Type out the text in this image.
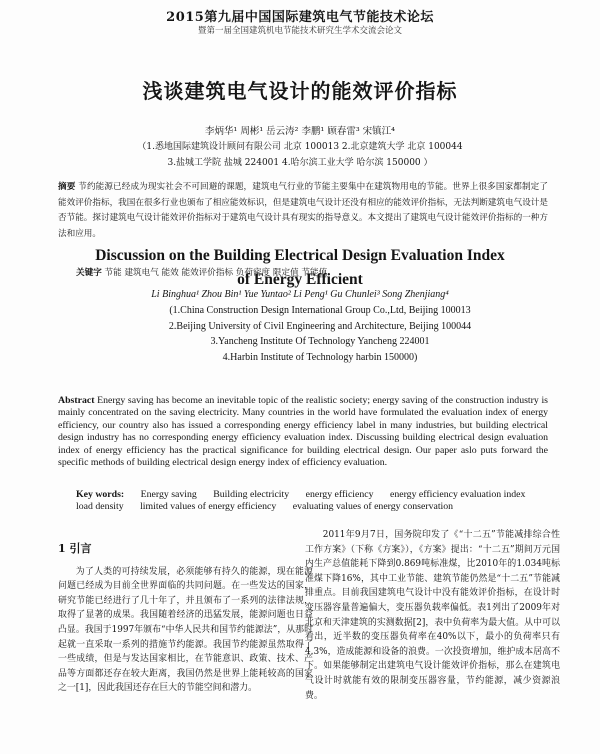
2015第九届中国国际建筑电气节能技术论坛
暨第一届全国建筑机电节能技术研究生学术交流会论文
浅谈建筑电气设计的能效评价指标
李炳华¹ 周彬¹ 岳云涛² 李鹏¹ 顾春雷³ 宋镇江⁴
（1.悉地国际建筑设计顾问有限公司 北京 100013 2.北京建筑大学 北京 100044
3.盐城工学院 盐城 224001 4.哈尔滨工业大学 哈尔滨 150000 ）
摘要 节约能源已经成为现实社会不可回避的课题，建筑电气行业的节能主要集中在建筑物用电的节能。世界上很多国家都制定了能效评价指标，我国在很多行业也颁布了相应能效标识，但是建筑电气设计还没有相应的能效评价指标，无法判断建筑电气设计是否节能。探讨建筑电气设计能效评价指标对于建筑电气设计具有现实的指导意义。本文提出了建筑电气设计能效评价指标的一种方法和应用。
关键字 节能 建筑电气 能效 能效评价指标 负荷密度 限定值 节能值
Discussion on the Building Electrical Design Evaluation Index of Energy Efficient
Li Binghua¹ Zhou Bin¹ Yue Yuntao² Li Peng¹ Gu Chunlei³ Song Zhenjiang⁴
(1.China Construction Design International Group Co.,Ltd, Beijing 100013
2.Beijing University of Civil Engineering and Architecture, Beijing 100044
3.Yancheng Institute Of Technology Yancheng 224001
4.Harbin Institute of Technology harbin 150000)
Abstract Energy saving has become an inevitable topic of the realistic society; energy saving of the construction industry is mainly concentrated on the saving electricity. Many countries in the world have formulated the evaluation index of energy efficiency, our country also has issued a corresponding energy efficiency label in many industries, but building electrical design industry has no corresponding energy efficiency evaluation index. Discussing building electrical design evaluation index of energy efficiency has the practical significance for building electrical design. Our paper aslo puts forward the specific methods of building electrical design energy index of efficiency evaluation.
Key words: Energy saving Building electricity energy efficiency energy efficiency evaluation index load density limited values of energy efficiency evaluating values of energy conservation
1 引言

为了人类的可持续发展，必须能够有持久的能源，现在能源问题已经成为目前全世界面临的共同问题。在一些发达的国家，研究节能已经进行了几十年了，并且颁布了一系列的法律法规，取得了显著的成果。我国随着经济的迅猛发展，能源问题也日益凸显。我国于1997年颁布“中华人民共和国节约能源法”，从那时起就一直采取一系列的措施节约能源。我国节约能源虽然取得了一些成绩，但是与发达国家相比，在节能意识、政策、技术、产品等方面都还存在较大距离，我国仍然是世界上能耗较高的国家之一[1]，因此我国还存在巨大的节能空间和潜力。

2011年9月7日，国务院印发了《“十二五”节能减排综合性工作方案》（下称《方案》），《方案》提出：“十二五”期间万元国内生产总值能耗下降到0.869吨标准煤，比2010年的1.034吨标准煤下降16%，其中工业节能、建筑节能仍然是“十二五”节能减排重点。目前我国建筑电气设计中没有能效评价指标，在设计时变压器容量普遍偏大，变压器负载率偏低。表1列出了2009年对北京和天津建筑的实测数据[2]，表中负荷率为最大值。从中可以看出，近半数的变压器负荷率在40%以下，最小的负荷率只有4.3%，造成能源和设备的浪费。一次投资增加，维护成本居高不下。如果能够制定出建筑电气设计能效评价指标，那么在建筑电气设计时就能有效的限制变压器容量，节约能源，减少资源浪费。
